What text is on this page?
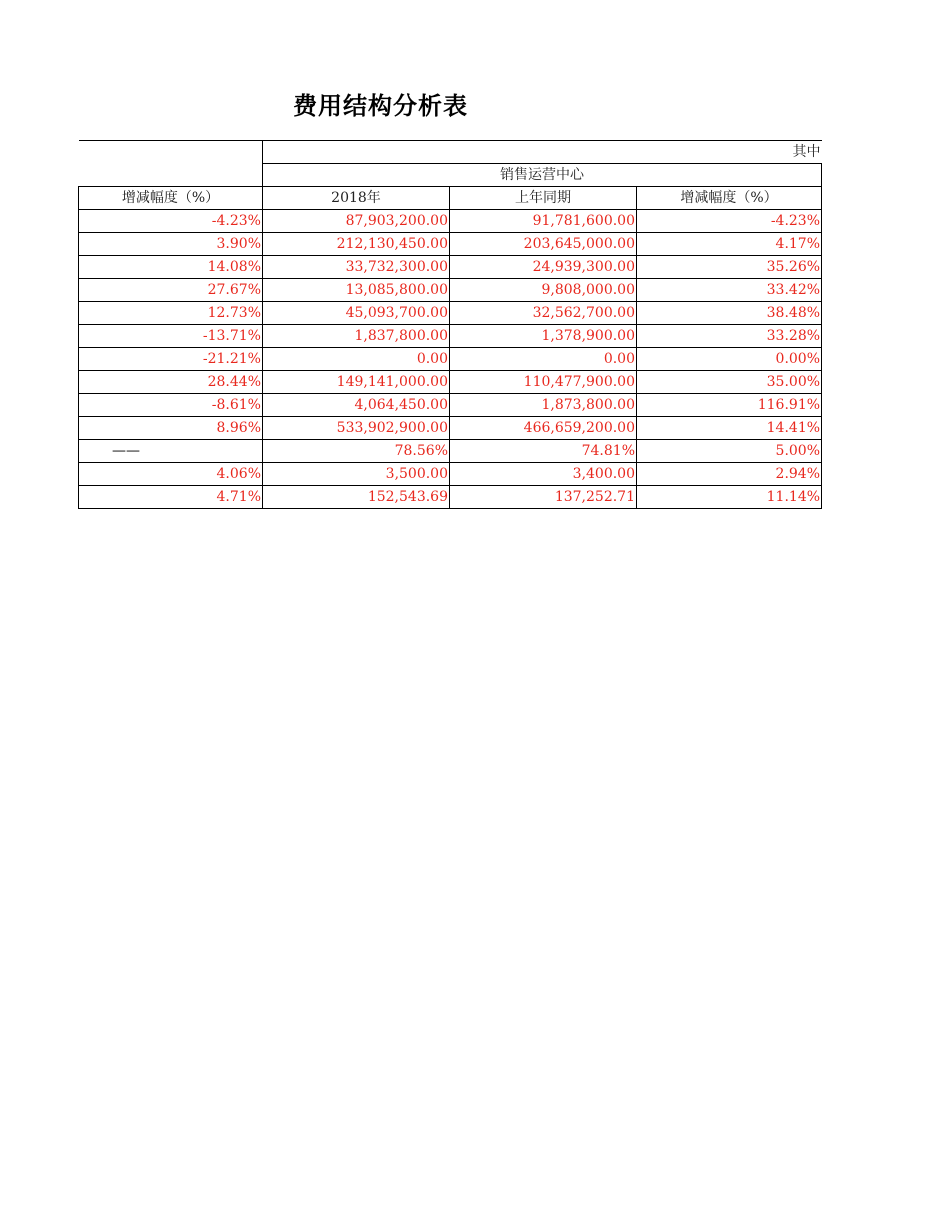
费用结构分析表
	其中		
	销售运营中心		
增减幅度（%）	2018年	上年同期	增减幅度（%）
-4.23%	87,903,200.00	91,781,600.00	-4.23%
3.90%	212,130,450.00	203,645,000.00	4.17%
14.08%	33,732,300.00	24,939,300.00	35.26%
27.67%	13,085,800.00	9,808,000.00	33.42%
12.73%	45,093,700.00	32,562,700.00	38.48%
-13.71%	1,837,800.00	1,378,900.00	33.28%
-21.21%	0.00	0.00	0.00%
28.44%	149,141,000.00	110,477,900.00	35.00%
-8.61%	4,064,450.00	1,873,800.00	116.91%
8.96%	533,902,900.00	466,659,200.00	14.41%
——	78.56%	74.81%	5.00%
4.06%	3,500.00	3,400.00	2.94%
4.71%	152,543.69	137,252.71	11.14%
